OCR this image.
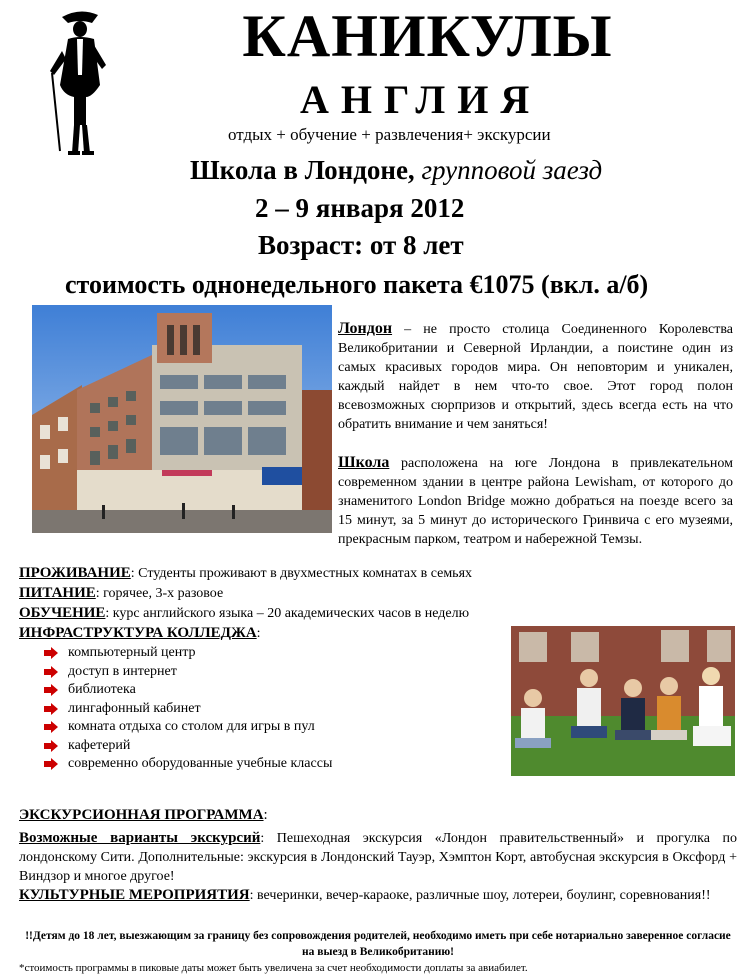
КАНИКУЛЫ
АНГЛИЯ
отдых + обучение + развлечения+ экскурсии
Школа в Лондоне, групповой заезд
2 – 9 января 2012
Возраст: от 8 лет
стоимость однонедельного пакета €1075 (вкл. а/б)
Лондон – не просто столица Соединенного Королевства Великобритании и Северной Ирландии, а поистине один из самых красивых городов мира. Он неповторим и уникален, каждый найдет в нем что-то свое. Этот город полон всевозможных сюрпризов и открытий, здесь всегда есть на что обратить внимание и чем заняться!
Школа расположена на юге Лондона в привлекательном современном здании в центре района Lewisham, от которого до знаменитого London Bridge можно добраться на поезде всего за 15 минут, за 5 минут до исторического Гринвича с его музеями, прекрасным парком, театром и набережной Темзы.
ПРОЖИВАНИЕ: Студенты проживают в двухместных комнатах в семьях
ПИТАНИЕ: горячее, 3-х разовое
ОБУЧЕНИЕ: курс английского языка – 20 академических часов в неделю
ИНФРАСТРУКТУРА КОЛЛЕДЖА:
компьютерный центр
доступ в интернет
библиотека
лингафонный кабинет
комната отдыха со столом для игры в пул
кафетерий
современно оборудованные учебные классы
ЭКСКУРСИОННАЯ ПРОГРАММА:
Возможные варианты экскурсий: Пешеходная экскурсия «Лондон правительственный» и прогулка по лондонскому Сити. Дополнительные: экскурсия в Лондонский Тауэр, Хэмптон Корт, автобусная экскурсия в Оксфорд + Виндзор и многое другое!
КУЛЬТУРНЫЕ МЕРОПРИЯТИЯ: вечеринки, вечер-караоке, различные шоу, лотереи, боулинг, соревнования!!
!!Детям до 18 лет, выезжающим за границу без сопровождения родителей, необходимо иметь при себе нотариально заверенное согласие на выезд в Великобританию!
*стоимость программы в пиковые даты может быть увеличена за счет необходимости доплаты за авиабилет.
